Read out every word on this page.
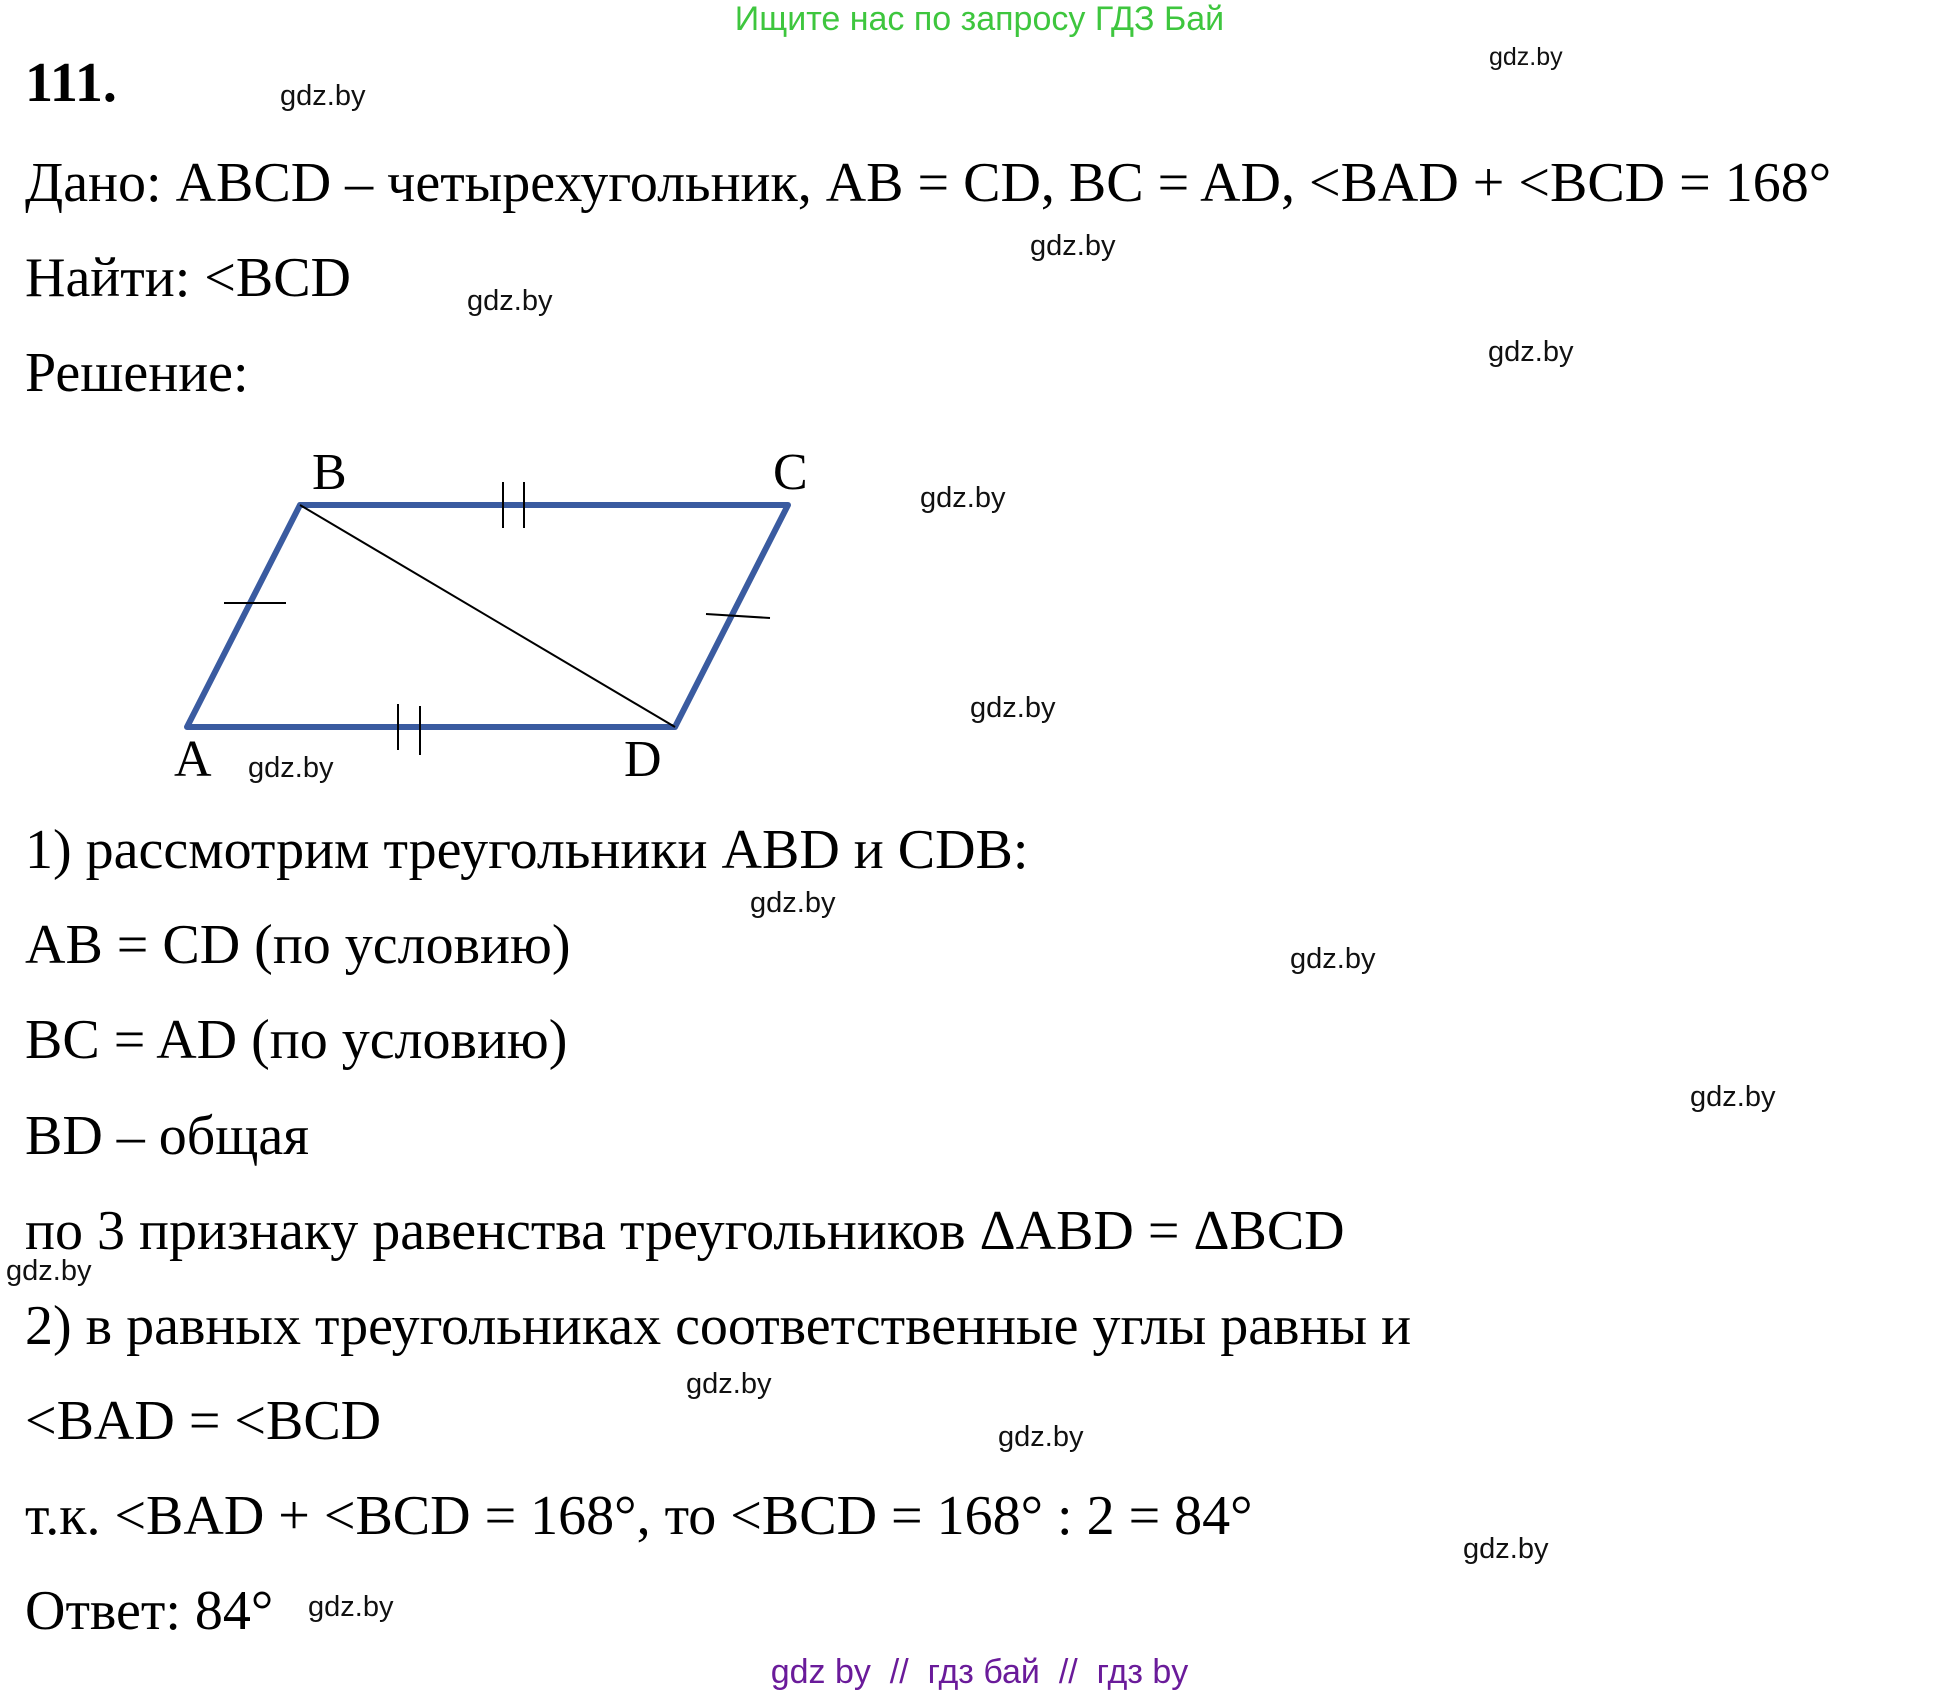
Ищите нас по запросу ГДЗ Бай
111.
Дано: ABCD – четырехугольник, AB = CD, BC = AD, <BAD + <BCD = 168°
Найти: <BCD
Решение:
B	C
A	D
1) рассмотрим треугольники ABD и CDB:
AB = CD (по условию)
BC = AD (по условию)
BD – общая
по 3 признаку равенства треугольников ΔABD = ΔBCD
2) в равных треугольниках соответственные углы равны и
<BAD = <BCD
т.к. <BAD + <BCD = 168°, то <BCD = 168° : 2 = 84°
Ответ: 84°
gdz.by
gdz.by
gdz.by
gdz.by
gdz.by
gdz.by
gdz.by
gdz.by
gdz.by
gdz.by
gdz.by
gdz.by
gdz.by
gdz.by
gdz.by
gdz.by
gdz by  //  гдз бай  //  гдз by
